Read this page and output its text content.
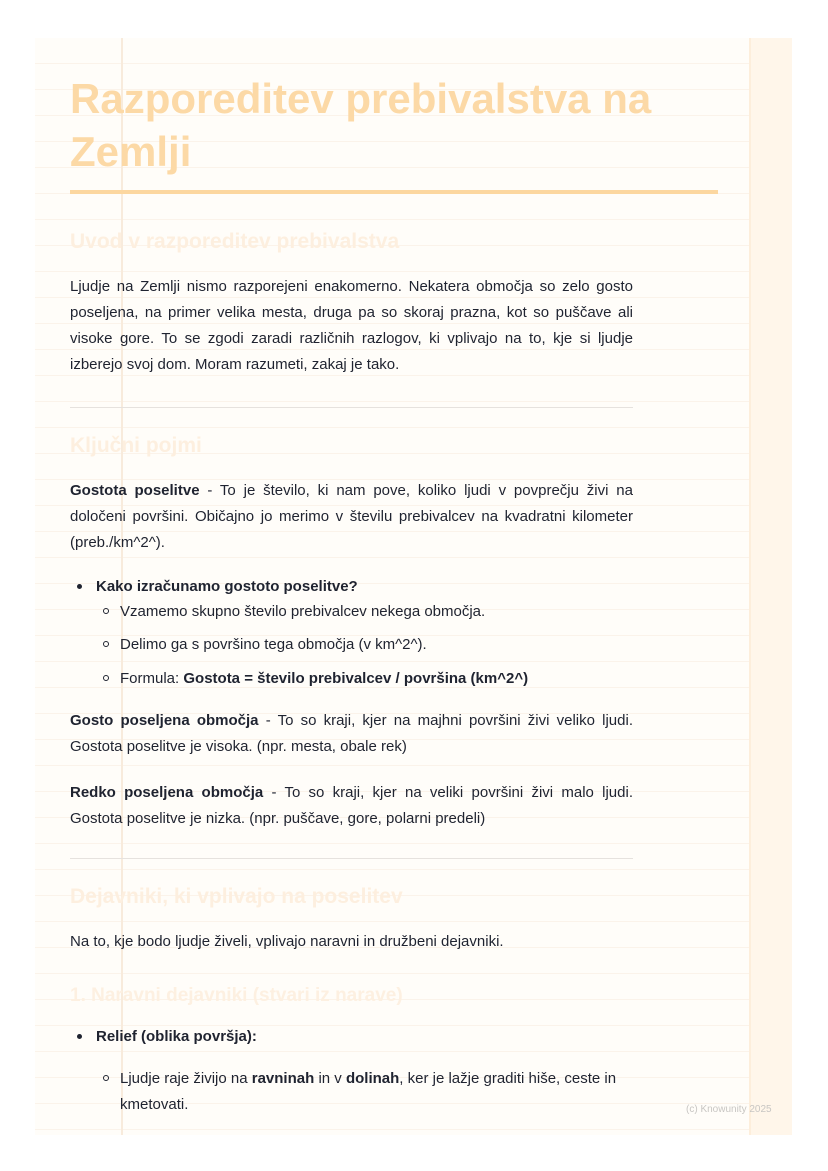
Razporeditev prebivalstva na Zemlji
Uvod v razporeditev prebivalstva
Ljudje na Zemlji nismo razporejeni enakomerno. Nekatera območja so zelo gosto poseljena, na primer velika mesta, druga pa so skoraj prazna, kot so puščave ali visoke gore. To se zgodi zaradi različnih razlogov, ki vplivajo na to, kje si ljudje izberejo svoj dom. Moram razumeti, zakaj je tako.
Ključni pojmi
Gostota poselitve - To je število, ki nam pove, koliko ljudi v povprečju živi na določeni površini. Običajno jo merimo v številu prebivalcev na kvadratni kilometer (preb./km^2^).
Kako izračunamo gostoto poselitve?
Vzamemo skupno število prebivalcev nekega območja.
Delimo ga s površino tega območja (v km^2^).
Formula: Gostota = število prebivalcev / površina (km^2^)
Gosto poseljena območja - To so kraji, kjer na majhni površini živi veliko ljudi. Gostota poselitve je visoka. (npr. mesta, obale rek)
Redko poseljena območja - To so kraji, kjer na veliki površini živi malo ljudi. Gostota poselitve je nizka. (npr. puščave, gore, polarni predeli)
Dejavniki, ki vplivajo na poselitev
Na to, kje bodo ljudje živeli, vplivajo naravni in družbeni dejavniki.
1. Naravni dejavniki (stvari iz narave)
Relief (oblika površja):
Ljudje raje živijo na ravninah in v dolinah, ker je lažje graditi hiše, ceste in kmetovati.	(c) Knowunity 2025
